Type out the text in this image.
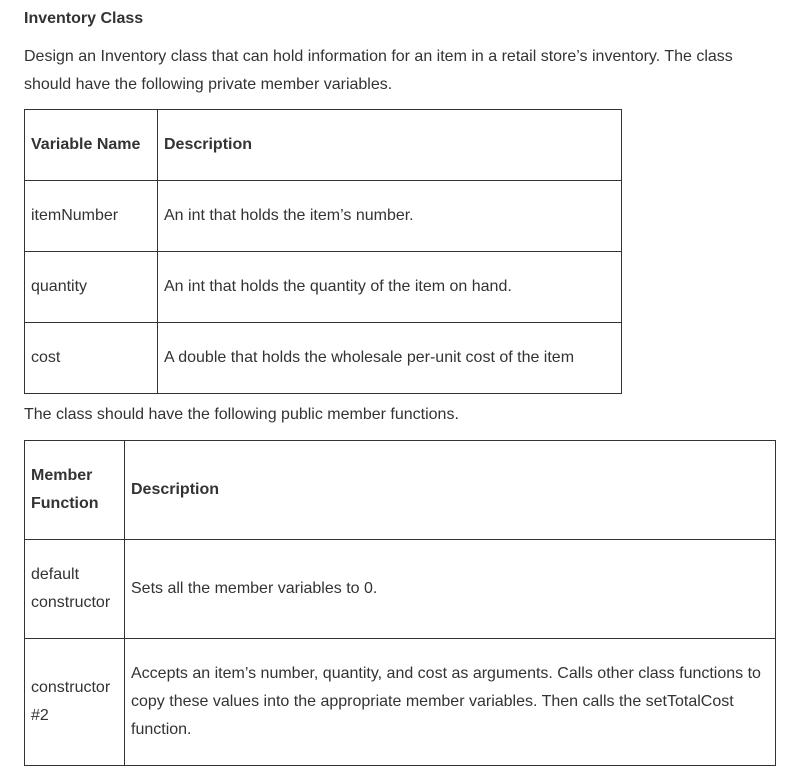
Inventory Class

Design an Inventory class that can hold information for an item in a retail store’s inventory. The class should have the following private member variables.

Variable Name	Description
itemNumber	An int that holds the item’s number.
quantity	An int that holds the quantity of the item on hand.
cost	A double that holds the wholesale per-unit cost of the item

The class should have the following public member functions.

Member Function	Description
default constructor	Sets all the member variables to 0.
constructor #2	Accepts an item’s number, quantity, and cost as arguments. Calls other class functions to copy these values into the appropriate member variables. Then calls the setTotalCost function.
